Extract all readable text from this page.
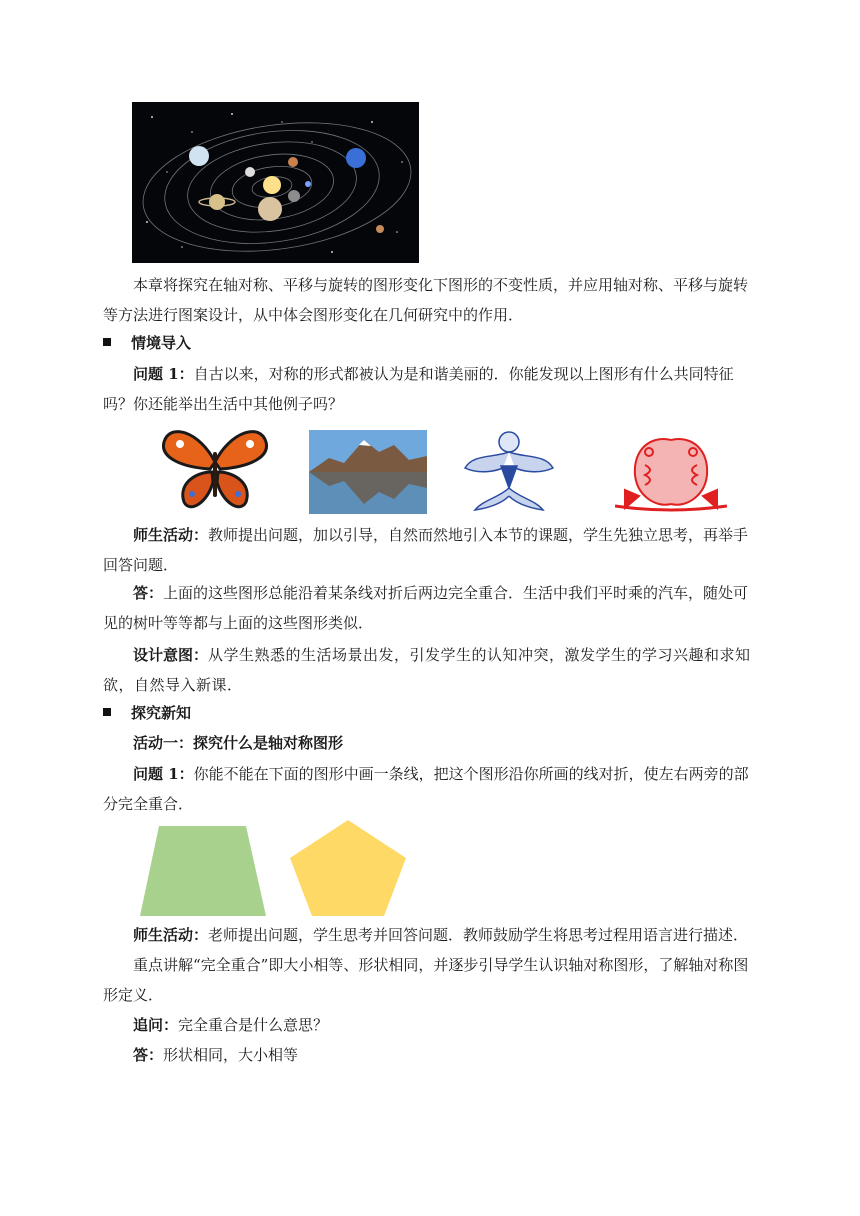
本章将探究在轴对称、平移与旋转的图形变化下图形的不变性质，并应用轴对称、平移与旋转等方法进行图案设计，从中体会图形变化在几何研究中的作用．
情境导入
问题 1：自古以来，对称的形式都被认为是和谐美丽的．你能发现以上图形有什么共同特征吗？你还能举出生活中其他例子吗？
师生活动：教师提出问题，加以引导，自然而然地引入本节的课题，学生先独立思考，再举手回答问题．
答：上面的这些图形总能沿着某条线对折后两边完全重合．生活中我们平时乘的汽车，随处可见的树叶等等都与上面的这些图形类似．
设计意图：从学生熟悉的生活场景出发，引发学生的认知冲突，激发学生的学习兴趣和求知欲，自然导入新课．
探究新知
活动一：探究什么是轴对称图形
问题 1：你能不能在下面的图形中画一条线，把这个图形沿你所画的线对折，使左右两旁的部分完全重合．
师生活动：老师提出问题，学生思考并回答问题．教师鼓励学生将思考过程用语言进行描述．
重点讲解“完全重合”即大小相等、形状相同，并逐步引导学生认识轴对称图形，了解轴对称图形定义．
追问：完全重合是什么意思？
答：形状相同，大小相等
